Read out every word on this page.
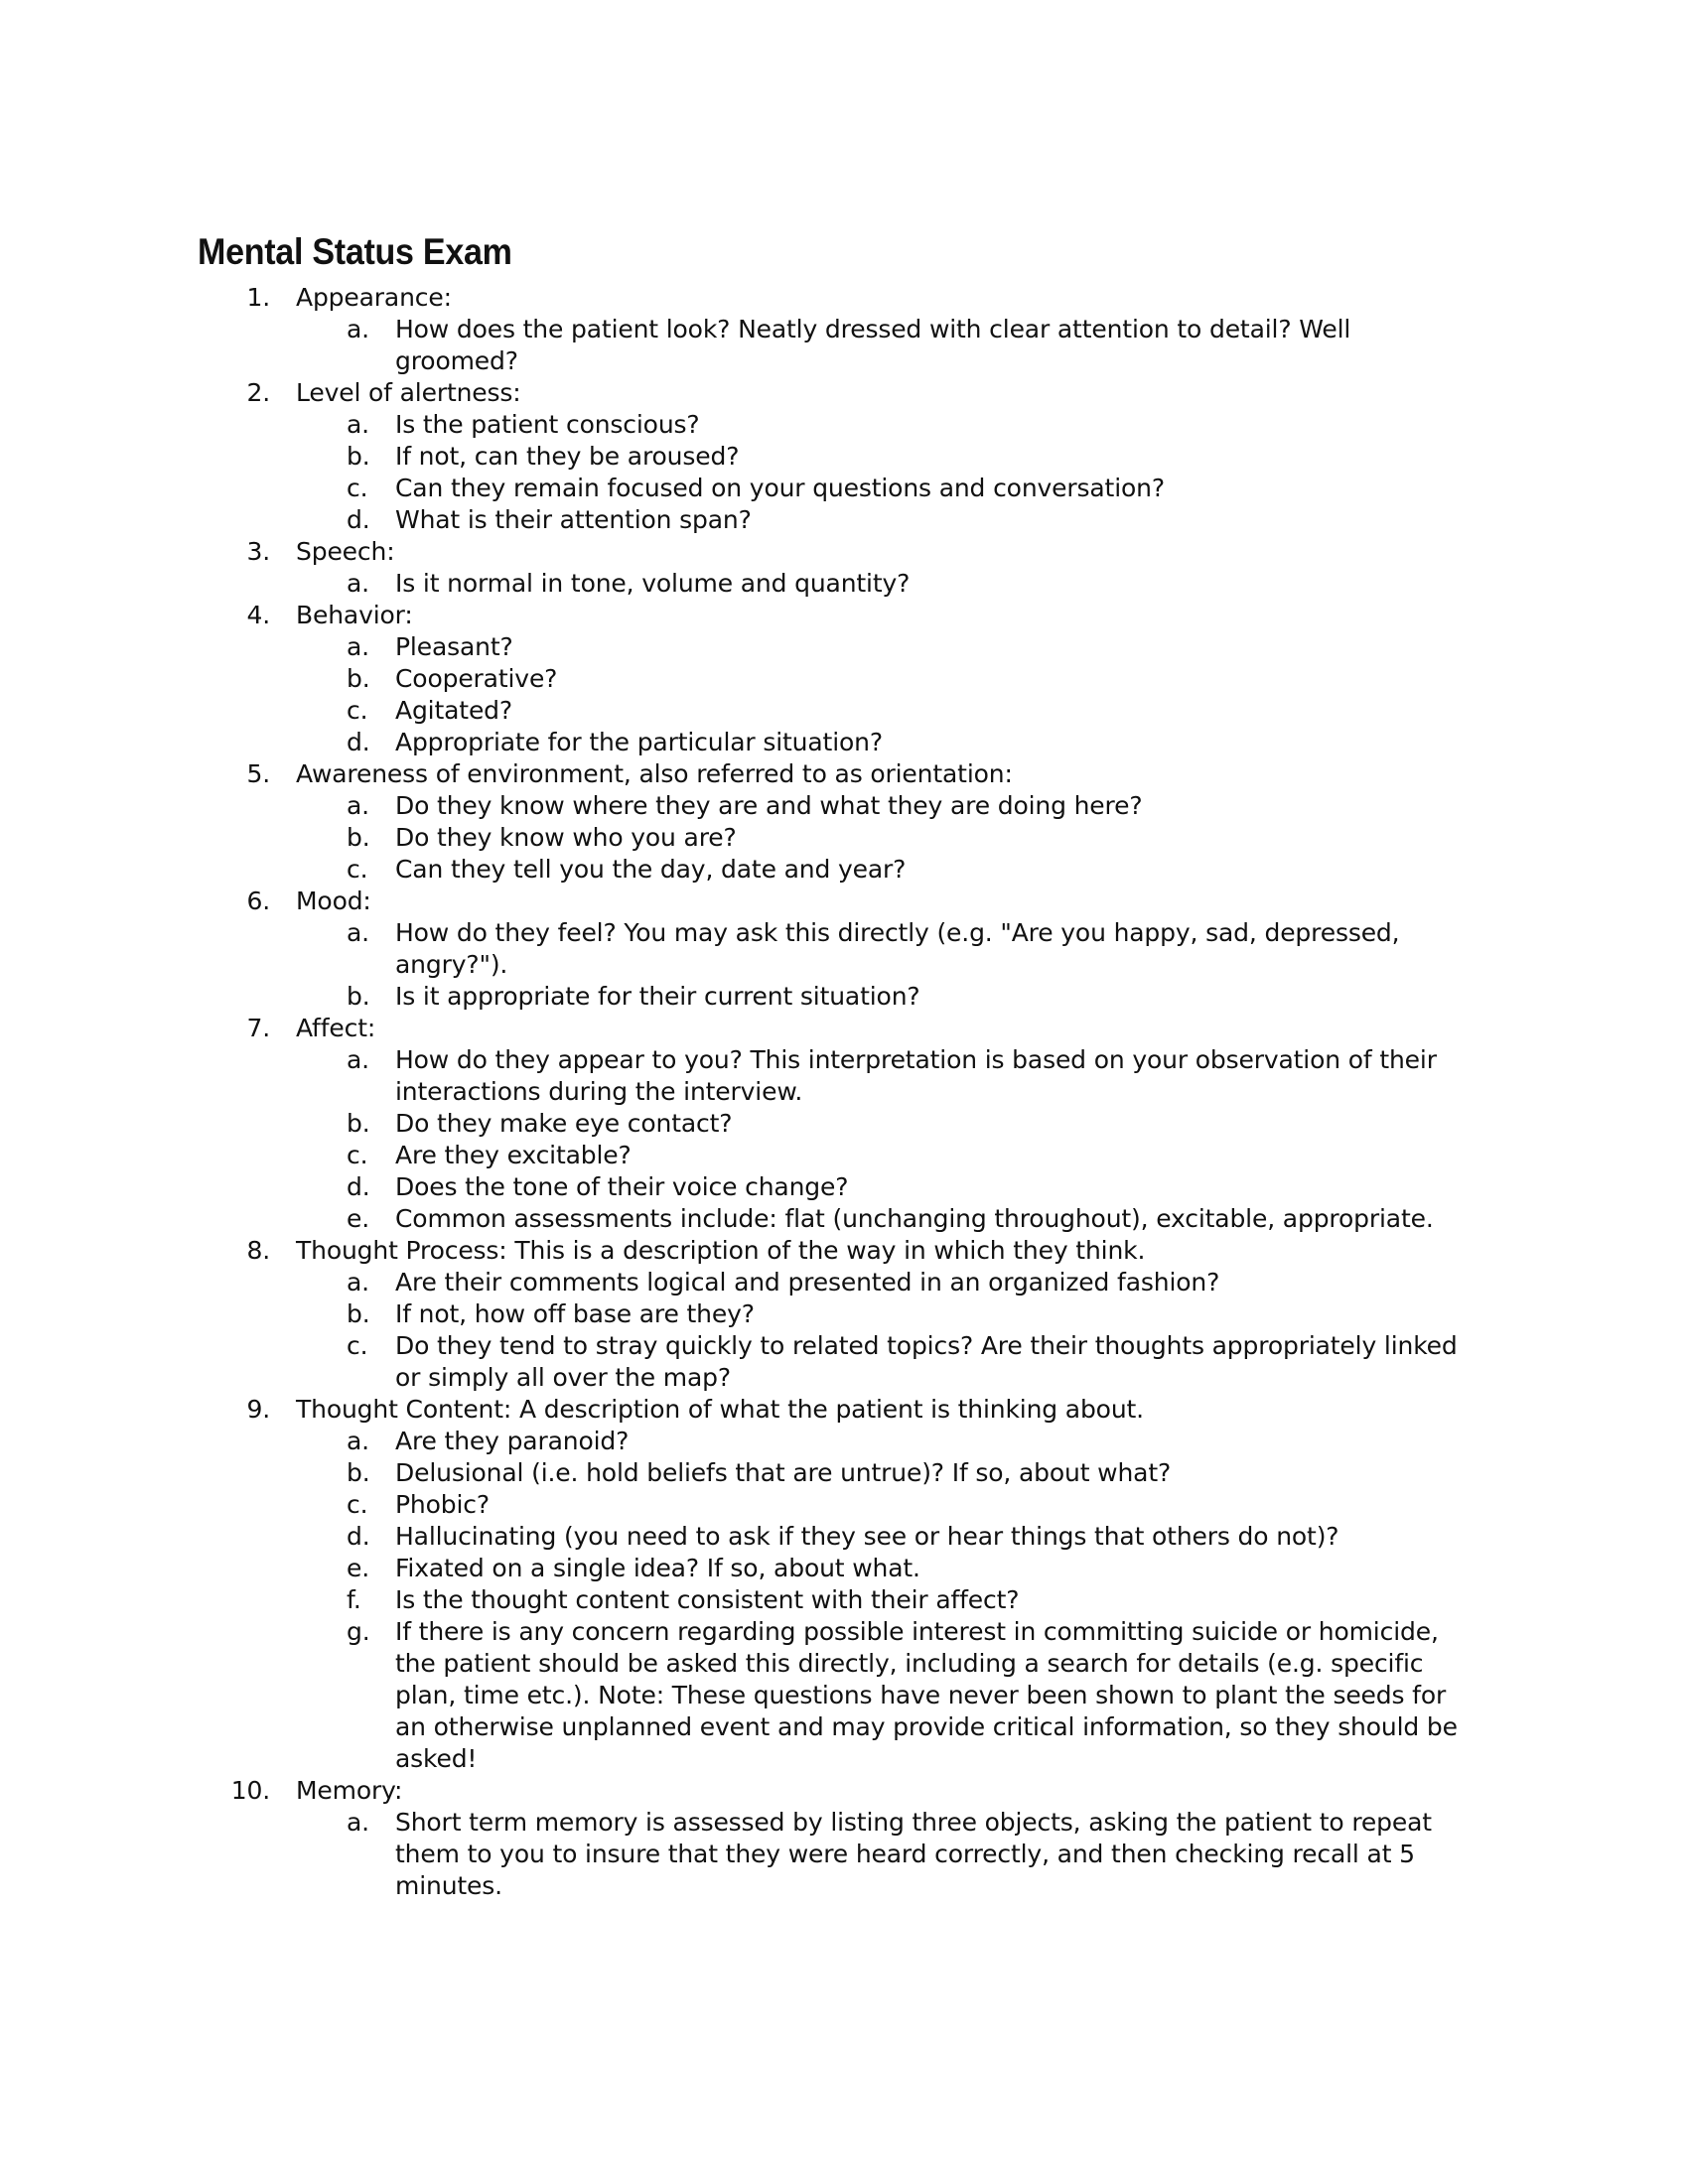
Mental Status Exam
1. Appearance:
a. How does the patient look? Neatly dressed with clear attention to detail? Well groomed?
2. Level of alertness:
a. Is the patient conscious?
b. If not, can they be aroused?
c. Can they remain focused on your questions and conversation?
d. What is their attention span?
3. Speech:
a. Is it normal in tone, volume and quantity?
4. Behavior:
a. Pleasant?
b. Cooperative?
c. Agitated?
d. Appropriate for the particular situation?
5. Awareness of environment, also referred to as orientation:
a. Do they know where they are and what they are doing here?
b. Do they know who you are?
c. Can they tell you the day, date and year?
6. Mood:
a. How do they feel? You may ask this directly (e.g. "Are you happy, sad, depressed, angry?").
b. Is it appropriate for their current situation?
7. Affect:
a. How do they appear to you? This interpretation is based on your observation of their interactions during the interview.
b. Do they make eye contact?
c. Are they excitable?
d. Does the tone of their voice change?
e. Common assessments include: flat (unchanging throughout), excitable, appropriate.
8. Thought Process: This is a description of the way in which they think.
a. Are their comments logical and presented in an organized fashion?
b. If not, how off base are they?
c. Do they tend to stray quickly to related topics? Are their thoughts appropriately linked or simply all over the map?
9. Thought Content: A description of what the patient is thinking about.
a. Are they paranoid?
b. Delusional (i.e. hold beliefs that are untrue)? If so, about what?
c. Phobic?
d. Hallucinating (you need to ask if they see or hear things that others do not)?
e. Fixated on a single idea? If so, about what.
f. Is the thought content consistent with their affect?
g. If there is any concern regarding possible interest in committing suicide or homicide, the patient should be asked this directly, including a search for details (e.g. specific plan, time etc.). Note: These questions have never been shown to plant the seeds for an otherwise unplanned event and may provide critical information, so they should be asked!
10. Memory:
a. Short term memory is assessed by listing three objects, asking the patient to repeat them to you to insure that they were heard correctly, and then checking recall at 5 minutes.
